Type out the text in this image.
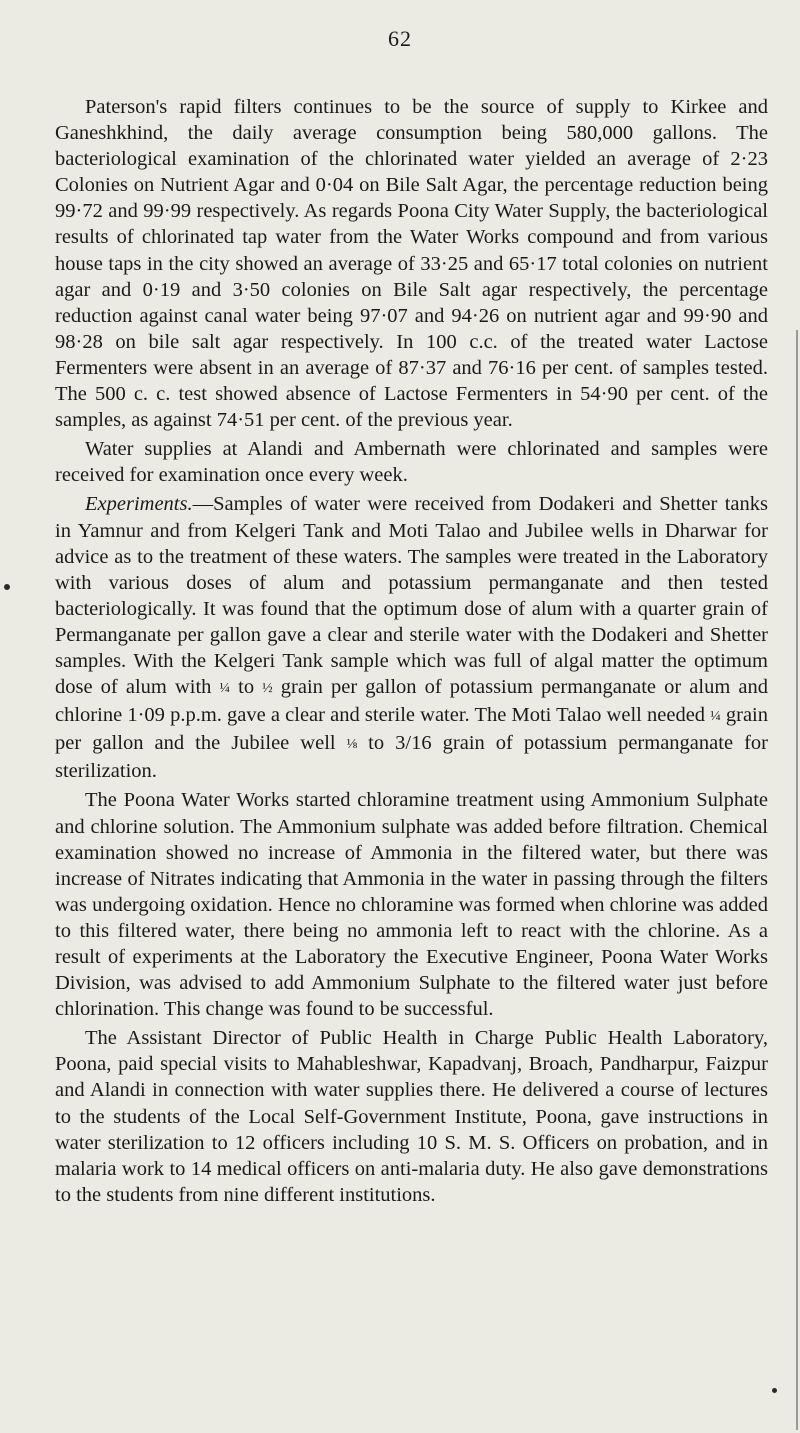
62

Paterson's rapid filters continues to be the source of supply to Kirkee and Ganeshkhind, the daily average consumption being 580,000 gallons. The bacteriological examination of the chlorinated water yielded an average of 2·23 Colonies on Nutrient Agar and 0·04 on Bile Salt Agar, the percentage reduction being 99·72 and 99·99 respectively. As regards Poona City Water Supply, the bacteriological results of chlorinated tap water from the Water Works compound and from various house taps in the city showed an average of 33·25 and 65·17 total colonies on nutrient agar and 0·19 and 3·50 colonies on Bile Salt agar respectively, the percentage reduction against canal water being 97·07 and 94·26 on nutrient agar and 99·90 and 98·28 on bile salt agar respectively. In 100 c.c. of the treated water Lactose Fermenters were absent in an average of 87·37 and 76·16 per cent. of samples tested. The 500 c. c. test showed absence of Lactose Fermenters in 54·90 per cent. of the samples, as against 74·51 per cent. of the previous year.

Water supplies at Alandi and Ambernath were chlorinated and samples were received for examination once every week.

Experiments.—Samples of water were received from Dodakeri and Shetter tanks in Yamnur and from Kelgeri Tank and Moti Talao and Jubilee wells in Dharwar for advice as to the treatment of these waters. The samples were treated in the Laboratory with various doses of alum and potassium permanganate and then tested bacteriologically. It was found that the optimum dose of alum with a quarter grain of Permanganate per gallon gave a clear and sterile water with the Dodakeri and Shetter samples. With the Kelgeri Tank sample which was full of algal matter the optimum dose of alum with ¼ to ½ grain per gallon of potassium permanganate or alum and chlorine 1·09 p.p.m. gave a clear and sterile water. The Moti Talao well needed ¼ grain per gallon and the Jubilee well ⅛ to 3/16 grain of potassium permanganate for sterilization.

The Poona Water Works started chloramine treatment using Ammonium Sulphate and chlorine solution. The Ammonium sulphate was added before filtration. Chemical examination showed no increase of Ammonia in the filtered water, but there was increase of Nitrates indicating that Ammonia in the water in passing through the filters was undergoing oxidation. Hence no chloramine was formed when chlorine was added to this filtered water, there being no ammonia left to react with the chlorine. As a result of experiments at the Laboratory the Executive Engineer, Poona Water Works Division, was advised to add Ammonium Sulphate to the filtered water just before chlorination. This change was found to be successful.

The Assistant Director of Public Health in Charge Public Health Laboratory, Poona, paid special visits to Mahableshwar, Kapadvanj, Broach, Pandharpur, Faizpur and Alandi in connection with water supplies there. He delivered a course of lectures to the students of the Local Self-Government Institute, Poona, gave instructions in water sterilization to 12 officers including 10 S. M. S. Officers on probation, and in malaria work to 14 medical officers on anti-malaria duty. He also gave demonstrations to the students from nine different institutions.
